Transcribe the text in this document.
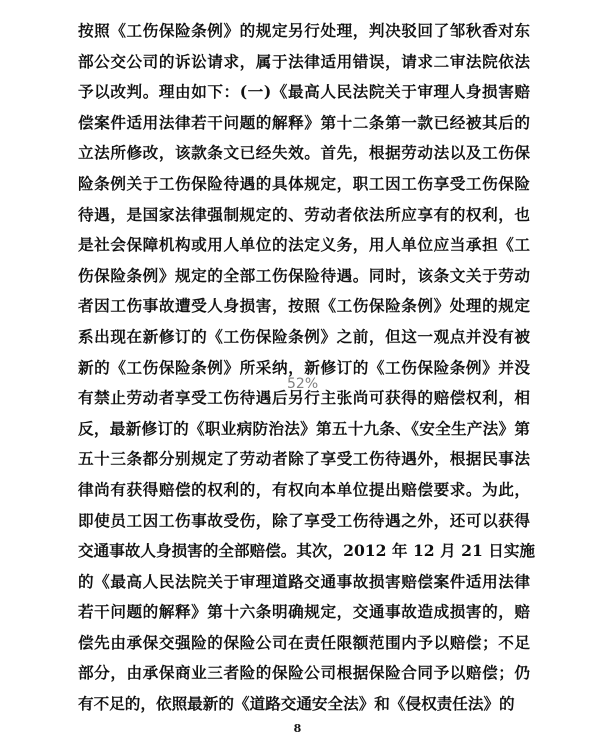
按照《工伤保险条例》的规定另行处理，判决驳回了邹秋香对东
部公交公司的诉讼请求，属于法律适用错误，请求二审法院依法
予以改判。理由如下：(一)《最高人民法院关于审理人身损害赔
偿案件适用法律若干问题的解释》第十二条第一款已经被其后的
立法所修改，该款条文已经失效。首先，根据劳动法以及工伤保
险条例关于工伤保险待遇的具体规定，职工因工伤享受工伤保险
待遇，是国家法律强制规定的、劳动者依法所应享有的权利，也
是社会保障机构或用人单位的法定义务，用人单位应当承担《工
伤保险条例》规定的全部工伤保险待遇。同时，该条文关于劳动
者因工伤事故遭受人身损害，按照《工伤保险条例》处理的规定
系出现在新修订的《工伤保险条例》之前，但这一观点并没有被
新的《工伤保险条例》所采纳，新修订的《工伤保险条例》并没
有禁止劳动者享受工伤待遇后另行主张尚可获得的赔偿权利，相
反，最新修订的《职业病防治法》第五十九条、《安全生产法》第
五十三条都分别规定了劳动者除了享受工伤待遇外，根据民事法
律尚有获得赔偿的权利的，有权向本单位提出赔偿要求。为此，
即使员工因工伤事故受伤，除了享受工伤待遇之外，还可以获得
交通事故人身损害的全部赔偿。其次，2012 年 12 月 21 日实施
的《最高人民法院关于审理道路交通事故损害赔偿案件适用法律
若干问题的解释》第十六条明确规定，交通事故造成损害的，赔
偿先由承保交强险的保险公司在责任限额范围内予以赔偿；不足
部分，由承保商业三者险的保险公司根据保险合同予以赔偿；仍
有不足的，依照最新的《道路交通安全法》和《侵权责任法》的
52%
8
